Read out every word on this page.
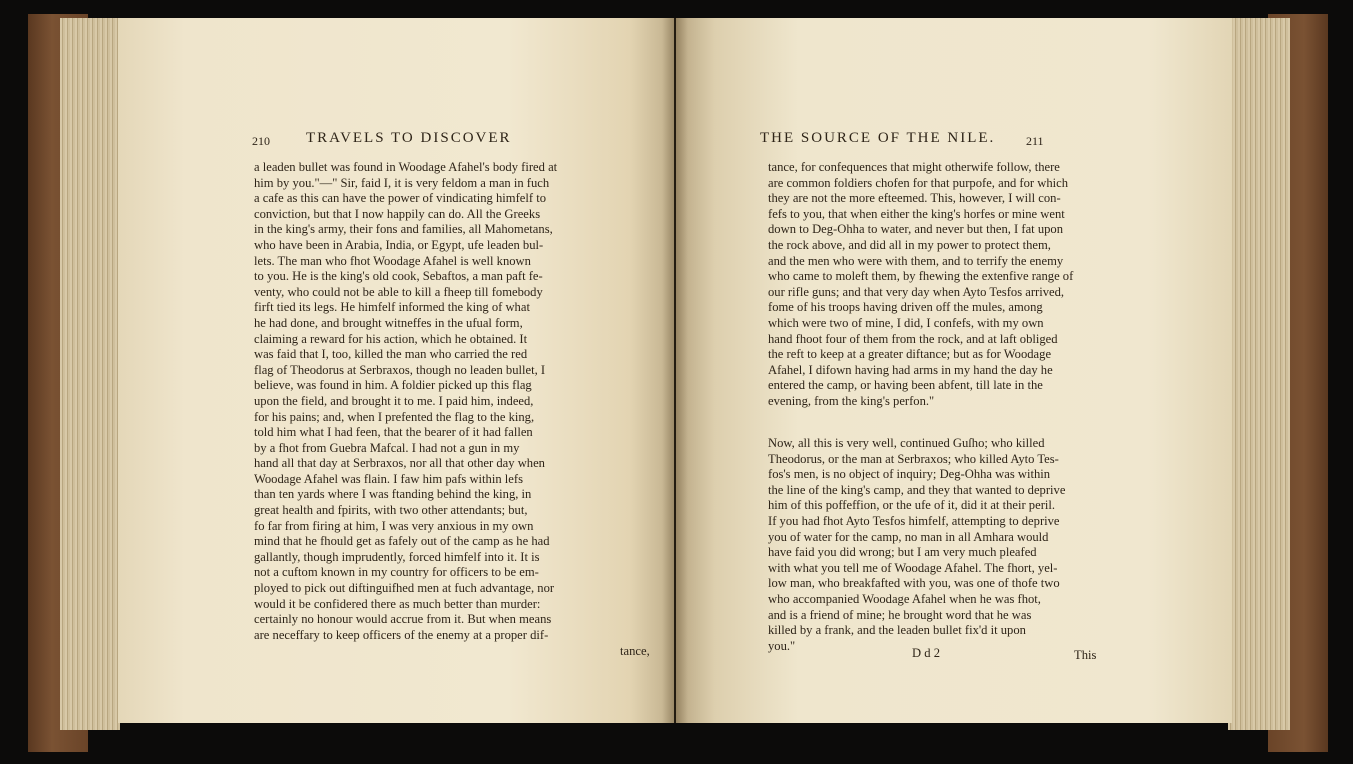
210 TRAVELS TO DISCOVER
a leaden bullet was found in Woodage Afahel's body fired at
him by you."—" Sir, faid I, it is very feldom a man in fuch
a cafe as this can have the power of vindicating himfelf to
conviction, but that I now happily can do. All the Greeks
in the king's army, their fons and families, all Mahometans,
who have been in Arabia, India, or Egypt, ufe leaden bul-
lets. The man who fhot Woodage Afahel is well known
to you. He is the king's old cook, Sebaftos, a man paft fe-
venty, who could not be able to kill a fheep till fomebody
firft tied its legs. He himfelf informed the king of what
he had done, and brought witneffes in the ufual form,
claiming a reward for his action, which he obtained. It
was faid that I, too, killed the man who carried the red
flag of Theodorus at Serbraxos, though no leaden bullet, I
believe, was found in him. A foldier picked up this flag
upon the field, and brought it to me. I paid him, indeed,
for his pains; and, when I prefented the flag to the king,
told him what I had feen, that the bearer of it had fallen
by a fhot from Guebra Mafcal. I had not a gun in my
hand all that day at Serbraxos, nor all that other day when
Woodage Afahel was flain. I faw him pafs within lefs
than ten yards where I was ftanding behind the king, in
great health and fpirits, with two other attendants; but,
fo far from firing at him, I was very anxious in my own
mind that he fhould get as fafely out of the camp as he had
gallantly, though imprudently, forced himfelf into it. It is
not a cuftom known in my country for officers to be em-
ployed to pick out diftinguifhed men at fuch advantage, nor
would it be confidered there as much better than murder:
certainly no honour would accrue from it. But when means
are neceffary to keep officers of the enemy at a proper dif-
tance,
THE SOURCE OF THE NILE.	211
tance, for confequences that might otherwife follow, there
are common foldiers chofen for that purpofe, and for which
they are not the more efteemed. This, however, I will con-
fefs to you, that when either the king's horfes or mine went
down to Deg-Ohha to water, and never but then, I fat upon
the rock above, and did all in my power to protect them,
and the men who were with them, and to terrify the enemy
who came to moleft them, by fhewing the extenfive range of
our rifle guns; and that very day when Ayto Tesfos arrived,
fome of his troops having driven off the mules, among
which were two of mine, I did, I confefs, with my own
hand fhoot four of them from the rock, and at laft obliged
the reft to keep at a greater diftance; but as for Woodage
Afahel, I difown having had arms in my hand the day he
entered the camp, or having been abfent, till late in the
evening, from the king's perfon."
Now, all this is very well, continued Guſho; who killed
Theodorus, or the man at Serbraxos; who killed Ayto Tes-
fos's men, is no object of inquiry; Deg-Ohha was within
the line of the king's camp, and they that wanted to deprive
him of this poffeffion, or the ufe of it, did it at their peril.
If you had fhot Ayto Tesfos himfelf, attempting to deprive
you of water for the camp, no man in all Amhara would
have faid you did wrong; but I am very much pleafed
with what you tell me of Woodage Afahel. The fhort, yel-
low man, who breakfafted with you, was one of thofe two
who accompanied Woodage Afahel when he was fhot,
and is a friend of mine; he brought word that he was
killed by a frank, and the leaden bullet fix'd it upon
you."
D d 2	This
